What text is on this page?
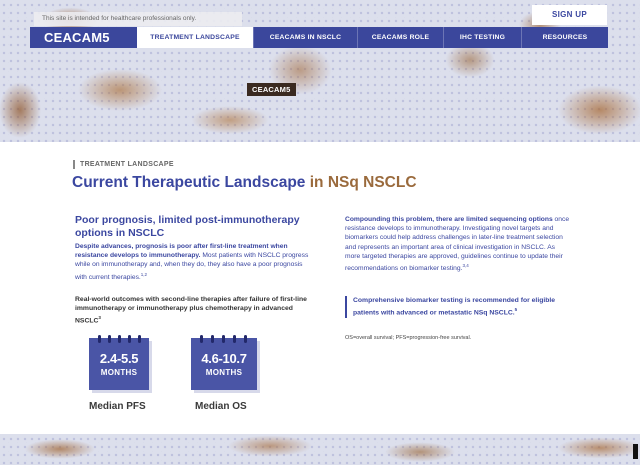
This site is intended for healthcare professionals only.	SIGN UP
CEACAM5	TREATMENT LANDSCAPE	CEACAMS IN NSCLC	CEACAMS ROLE	IHC TESTING	RESOURCES
CEACAM5
TREATMENT LANDSCAPE
Current Therapeutic Landscape in NSq NSCLC
Poor prognosis, limited post-immunotherapy options in NSCLC

Despite advances, prognosis is poor after first-line treatment when resistance develops to immunotherapy. Most patients with NSCLC progress while on immunotherapy and, when they do, they also have a poor prognosis with current therapies.$^{1,2}$

Real-world outcomes with second-line therapies after failure of first-line immunotherapy or immunotherapy plus chemotherapy in advanced NSCLC$^3$

2.4-5.5
MONTHS
Median PFS
4.6-10.7
MONTHS
Median OS

Compounding this problem, there are limited sequencing options once resistance develops to immunotherapy. Investigating novel targets and biomarkers could help address challenges in later-line treatment selection and represents an important area of clinical investigation in NSCLC. As more targeted therapies are approved, guidelines continue to update their recommendations on biomarker testing.$^{3,4}$

Comprehensive biomarker testing is recommended for eligible patients with advanced or metastatic NSq NSCLC.$^5$
OS=overall survival; PFS=progression-free survival.
